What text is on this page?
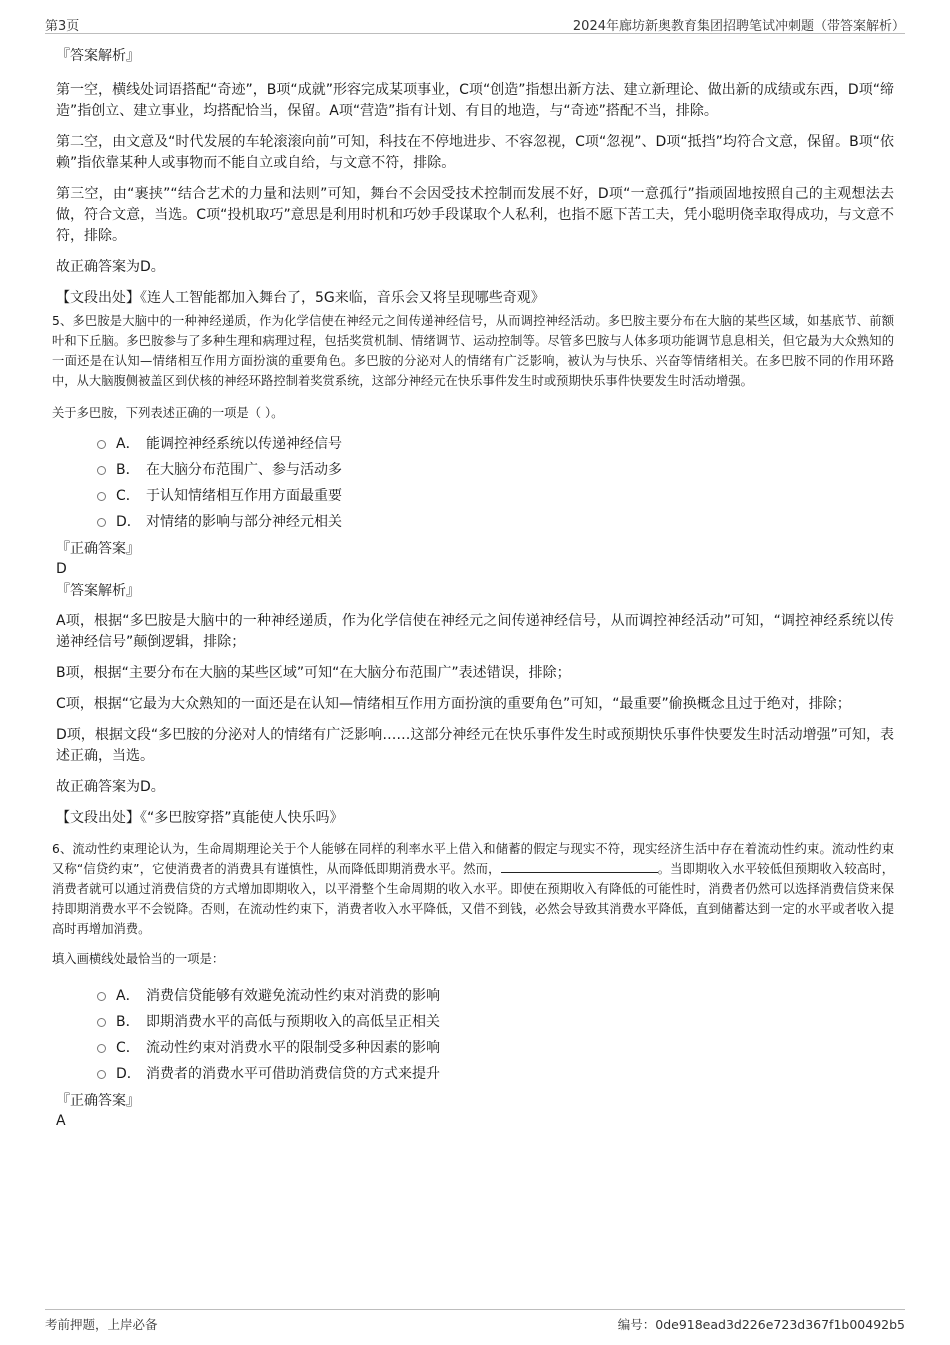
第3页	2024年廊坊新奥教育集团招聘笔试冲刺题（带答案解析）

『答案解析』

第一空，横线处词语搭配“奇迹”，B项“成就”形容完成某项事业，C项“创造”指想出新方法、建立新理论、做出新的成绩或东西，D项“缔造”指创立、建立事业，均搭配恰当，保留。A项“营造”指有计划、有目的地造，与“奇迹”搭配不当，排除。

第二空，由文意及“时代发展的车轮滚滚向前”可知，科技在不停地进步、不容忽视，C项“忽视”、D项“抵挡”均符合文意，保留。B项“依赖”指依靠某种人或事物而不能自立或自给，与文意不符，排除。

第三空，由“裹挟”“结合艺术的力量和法则”可知，舞台不会因受技术控制而发展不好，D项“一意孤行”指顽固地按照自己的主观想法去做，符合文意，当选。C项“投机取巧”意思是利用时机和巧妙手段谋取个人私利，也指不愿下苦工夫，凭小聪明侥幸取得成功，与文意不符，排除。

故正确答案为D。

【文段出处】《连人工智能都加入舞台了，5G来临，音乐会又将呈现哪些奇观》

5、多巴胺是大脑中的一种神经递质，作为化学信使在神经元之间传递神经信号，从而调控神经活动。多巴胺主要分布在大脑的某些区域，如基底节、前额叶和下丘脑。多巴胺参与了多种生理和病理过程，包括奖赏机制、情绪调节、运动控制等。尽管多巴胺与人体多项功能调节息息相关，但它最为大众熟知的一面还是在认知—情绪相互作用方面扮演的重要角色。多巴胺的分泌对人的情绪有广泛影响，被认为与快乐、兴奋等情绪相关。在多巴胺不同的作用环路中，从大脑腹侧被盖区到伏核的神经环路控制着奖赏系统，这部分神经元在快乐事件发生时或预期快乐事件快要发生时活动增强。

关于多巴胺，下列表述正确的一项是（ ）。

A． 能调控神经系统以传递神经信号
B． 在大脑分布范围广、参与活动多
C． 于认知情绪相互作用方面最重要
D． 对情绪的影响与部分神经元相关

『正确答案』

D

『答案解析』

A项，根据“多巴胺是大脑中的一种神经递质，作为化学信使在神经元之间传递神经信号，从而调控神经活动”可知，“调控神经系统以传递神经信号”颠倒逻辑，排除；

B项，根据“主要分布在大脑的某些区域”可知“在大脑分布范围广”表述错误，排除；

C项，根据“它最为大众熟知的一面还是在认知—情绪相互作用方面扮演的重要角色”可知，“最重要”偷换概念且过于绝对，排除；

D项，根据文段“多巴胺的分泌对人的情绪有广泛影响……这部分神经元在快乐事件发生时或预期快乐事件快要发生时活动增强”可知，表述正确，当选。

故正确答案为D。

【文段出处】《“多巴胺穿搭”真能使人快乐吗》

6、流动性约束理论认为，生命周期理论关于个人能够在同样的利率水平上借入和储蓄的假定与现实不符，现实经济生活中存在着流动性约束。流动性约束又称“信贷约束”，它使消费者的消费具有谨慎性，从而降低即期消费水平。然而，	。当即期收入水平较低但预期收入较高时，消费者就可以通过消费信贷的方式增加即期收入，以平滑整个生命周期的收入水平。即使在预期收入有降低的可能性时，消费者仍然可以选择消费信贷来保持即期消费水平不会锐降。否则，在流动性约束下，消费者收入水平降低，又借不到钱，必然会导致其消费水平降低，直到储蓄达到一定的水平或者收入提高时再增加消费。

填入画横线处最恰当的一项是：

A． 消费信贷能够有效避免流动性约束对消费的影响
B． 即期消费水平的高低与预期收入的高低呈正相关
C． 流动性约束对消费水平的限制受多种因素的影响
D． 消费者的消费水平可借助消费信贷的方式来提升

『正确答案』

A

考前押题，上岸必备	编号：0de918ead3d226e723d367f1b00492b5
